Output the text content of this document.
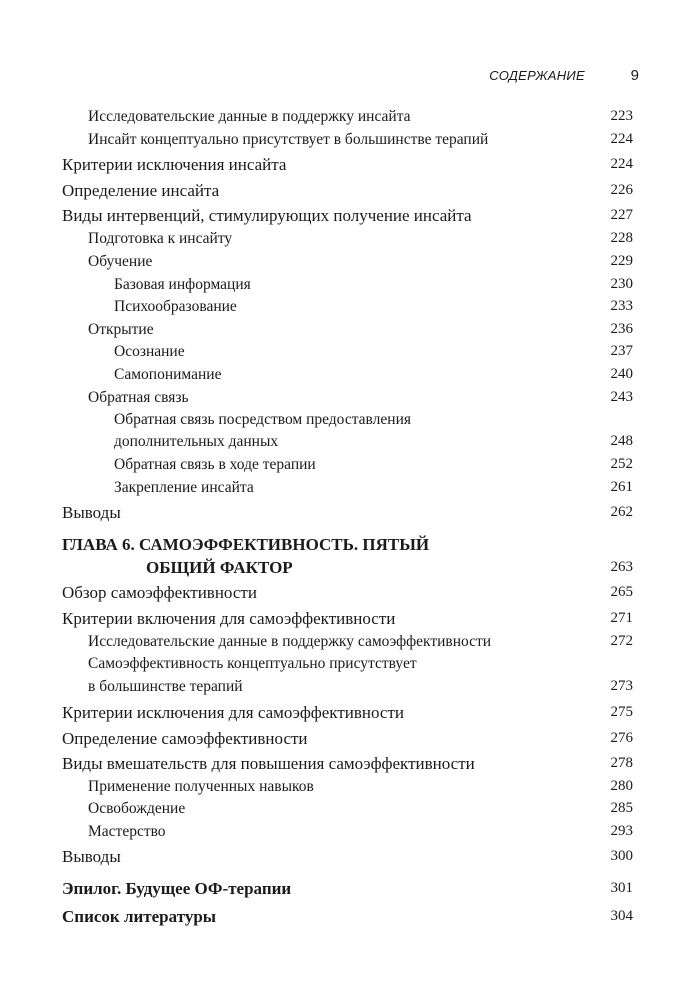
СОДЕРЖАНИЕ	9
Исследовательские данные в поддержку инсайта	223
Инсайт концептуально присутствует в большинстве терапий	224
Критерии исключения инсайта	224
Определение инсайта	226
Виды интервенций, стимулирующих получение инсайта	227
Подготовка к инсайту	228
Обучение	229
Базовая информация	230
Психообразование	233
Открытие	236
Осознание	237
Самопонимание	240
Обратная связь	243
Обратная связь посредством предоставления
дополнительных данных	248
Обратная связь в ходе терапии	252
Закрепление инсайта	261
Выводы	262
ГЛАВА 6. САМОЭФФЕКТИВНОСТЬ. ПЯТЫЙ
ОБЩИЙ ФАКТОР	263
Обзор самоэффективности	265
Критерии включения для самоэффективности	271
Исследовательские данные в поддержку самоэффективности	272
Самоэффективность концептуально присутствует
в большинстве терапий	273
Критерии исключения для самоэффективности	275
Определение самоэффективности	276
Виды вмешательств для повышения самоэффективности	278
Применение полученных навыков	280
Освобождение	285
Мастерство	293
Выводы	300
Эпилог. Будущее ОФ-терапии	301
Список литературы	304
